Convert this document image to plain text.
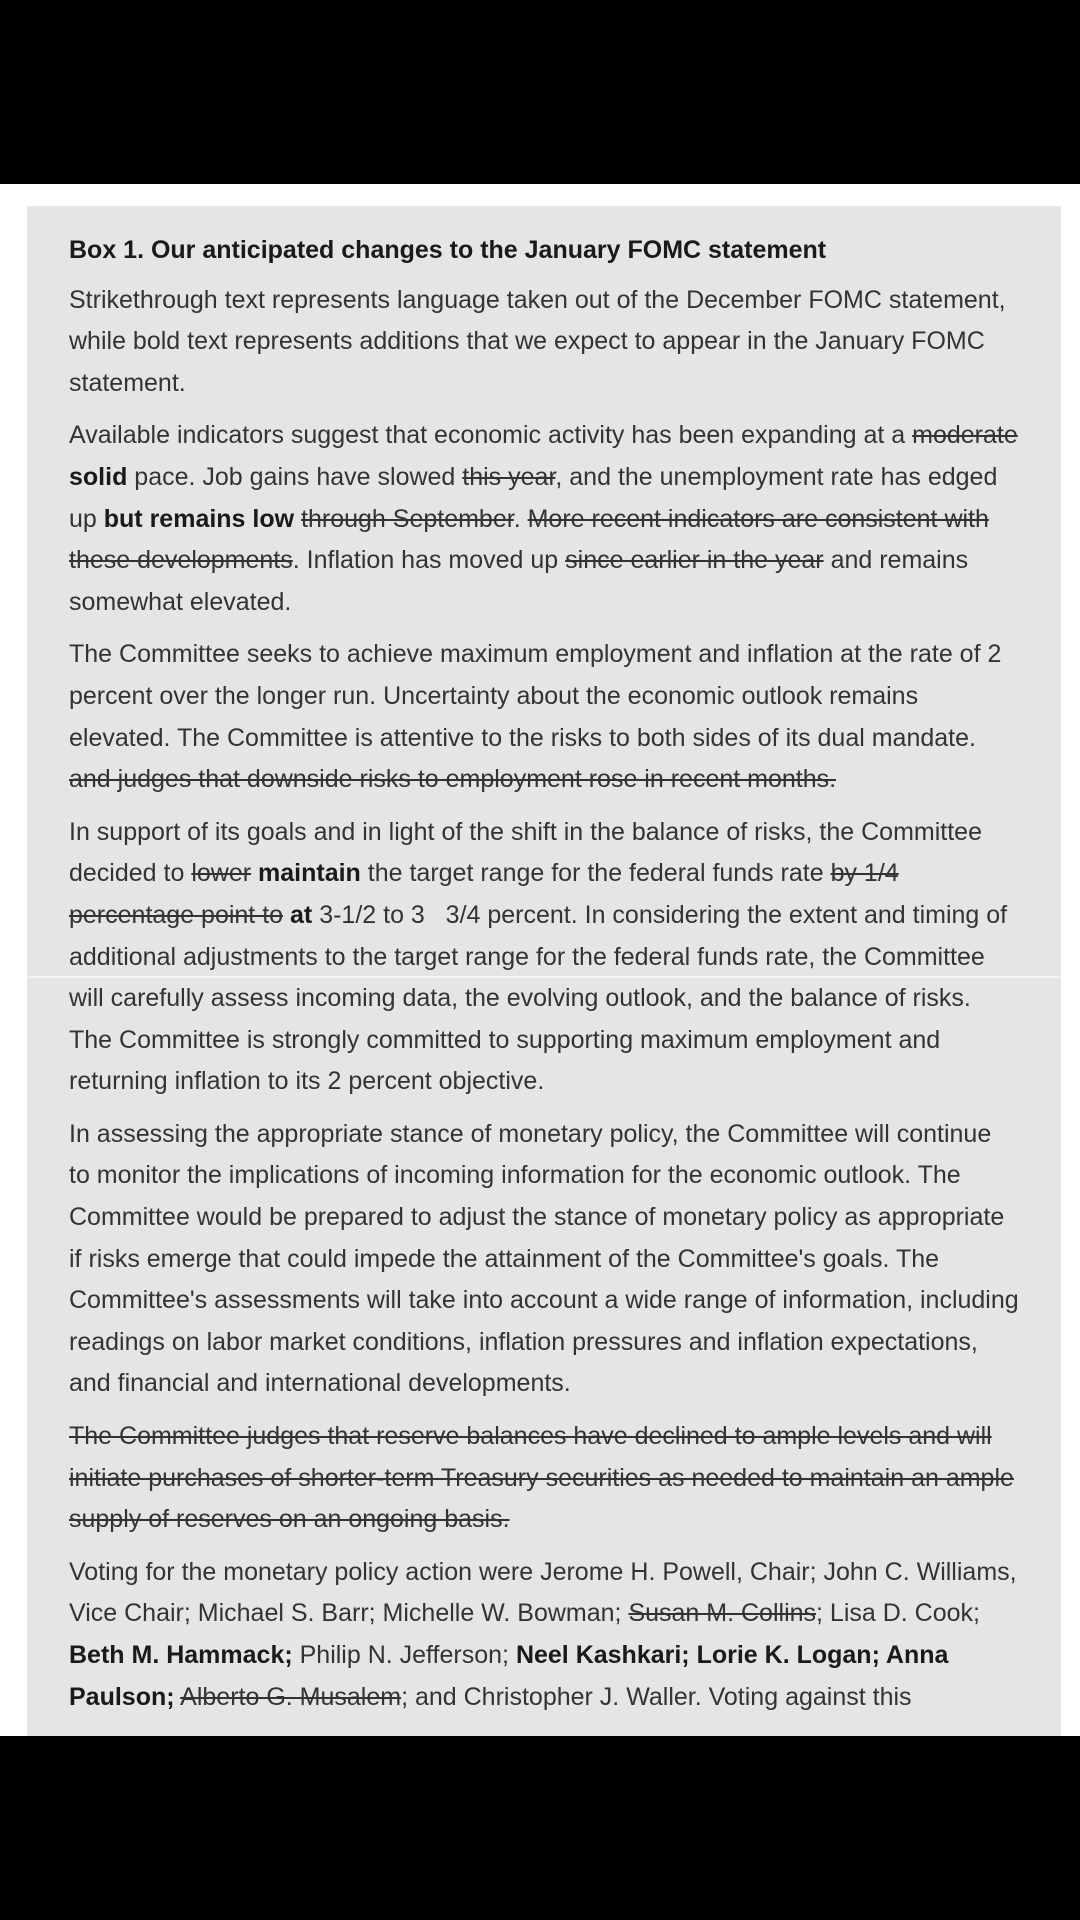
Box 1. Our anticipated changes to the January FOMC statement

Strikethrough text represents language taken out of the December FOMC statement, while bold text represents additions that we expect to appear in the January FOMC statement.

Available indicators suggest that economic activity has been expanding at a moderate solid pace. Job gains have slowed this year, and the unemployment rate has edged up but remains low through September. More recent indicators are consistent with these developments. Inflation has moved up since earlier in the year and remains somewhat elevated.

The Committee seeks to achieve maximum employment and inflation at the rate of 2 percent over the longer run. Uncertainty about the economic outlook remains elevated. The Committee is attentive to the risks to both sides of its dual mandate. and judges that downside risks to employment rose in recent months.

In support of its goals and in light of the shift in the balance of risks, the Committee decided to lower maintain the target range for the federal funds rate by 1/4 percentage point to at 3-1/2 to 3   3/4 percent. In considering the extent and timing of additional adjustments to the target range for the federal funds rate, the Committee will carefully assess incoming data, the evolving outlook, and the balance of risks. The Committee is strongly committed to supporting maximum employment and returning inflation to its 2 percent objective.

In assessing the appropriate stance of monetary policy, the Committee will continue to monitor the implications of incoming information for the economic outlook. The Committee would be prepared to adjust the stance of monetary policy as appropriate if risks emerge that could impede the attainment of the Committee's goals. The Committee's assessments will take into account a wide range of information, including readings on labor market conditions, inflation pressures and inflation expectations, and financial and international developments.

The Committee judges that reserve balances have declined to ample levels and will initiate purchases of shorter-term Treasury securities as needed to maintain an ample supply of reserves on an ongoing basis.

Voting for the monetary policy action were Jerome H. Powell, Chair; John C. Williams, Vice Chair; Michael S. Barr; Michelle W. Bowman; Susan M. Collins; Lisa D. Cook; Beth M. Hammack; Philip N. Jefferson; Neel Kashkari; Lorie K. Logan; Anna Paulson; Alberto G. Musalem; and Christopher J. Waller. Voting against this
